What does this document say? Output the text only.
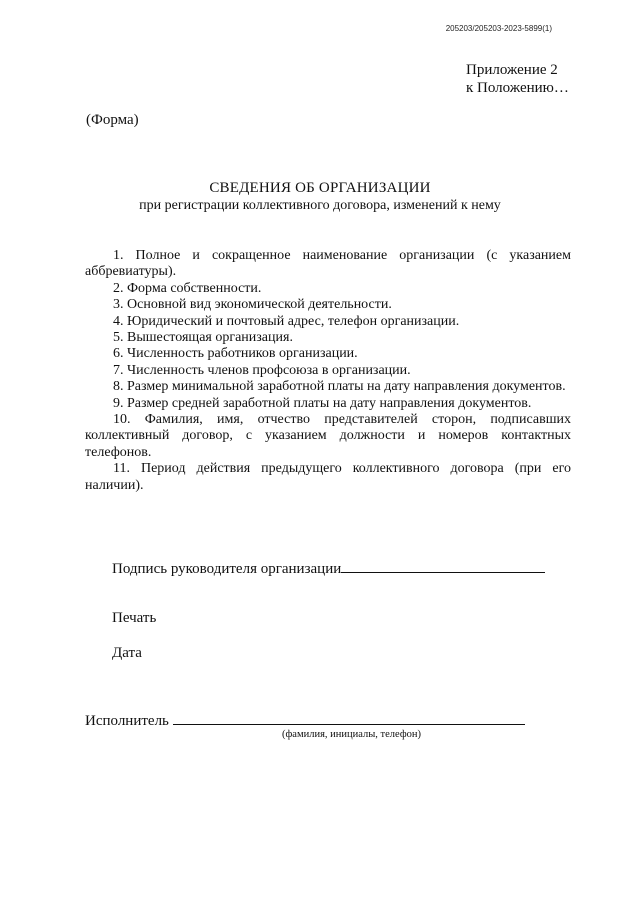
205203/205203-2023-5899(1)
Приложение 2
к Положению…
(Форма)
СВЕДЕНИЯ ОБ ОРГАНИЗАЦИИ
при регистрации коллективного договора, изменений к нему
1. Полное и сокращенное наименование организации (с указанием аббревиатуры).
2. Форма собственности.
3. Основной вид экономической деятельности.
4. Юридический и почтовый адрес, телефон организации.
5. Вышестоящая организация.
6. Численность работников организации.
7. Численность членов профсоюза в организации.
8. Размер минимальной заработной платы на дату направления документов.
9. Размер средней заработной платы на дату направления документов.
10. Фамилия, имя, отчество представителей сторон, подписавших коллективный договор, с указанием должности и номеров контактных телефонов.
11. Период действия предыдущего коллективного договора (при его наличии).
Подпись руководителя организации
Печать
Дата
Исполнитель
(фамилия, инициалы, телефон)
